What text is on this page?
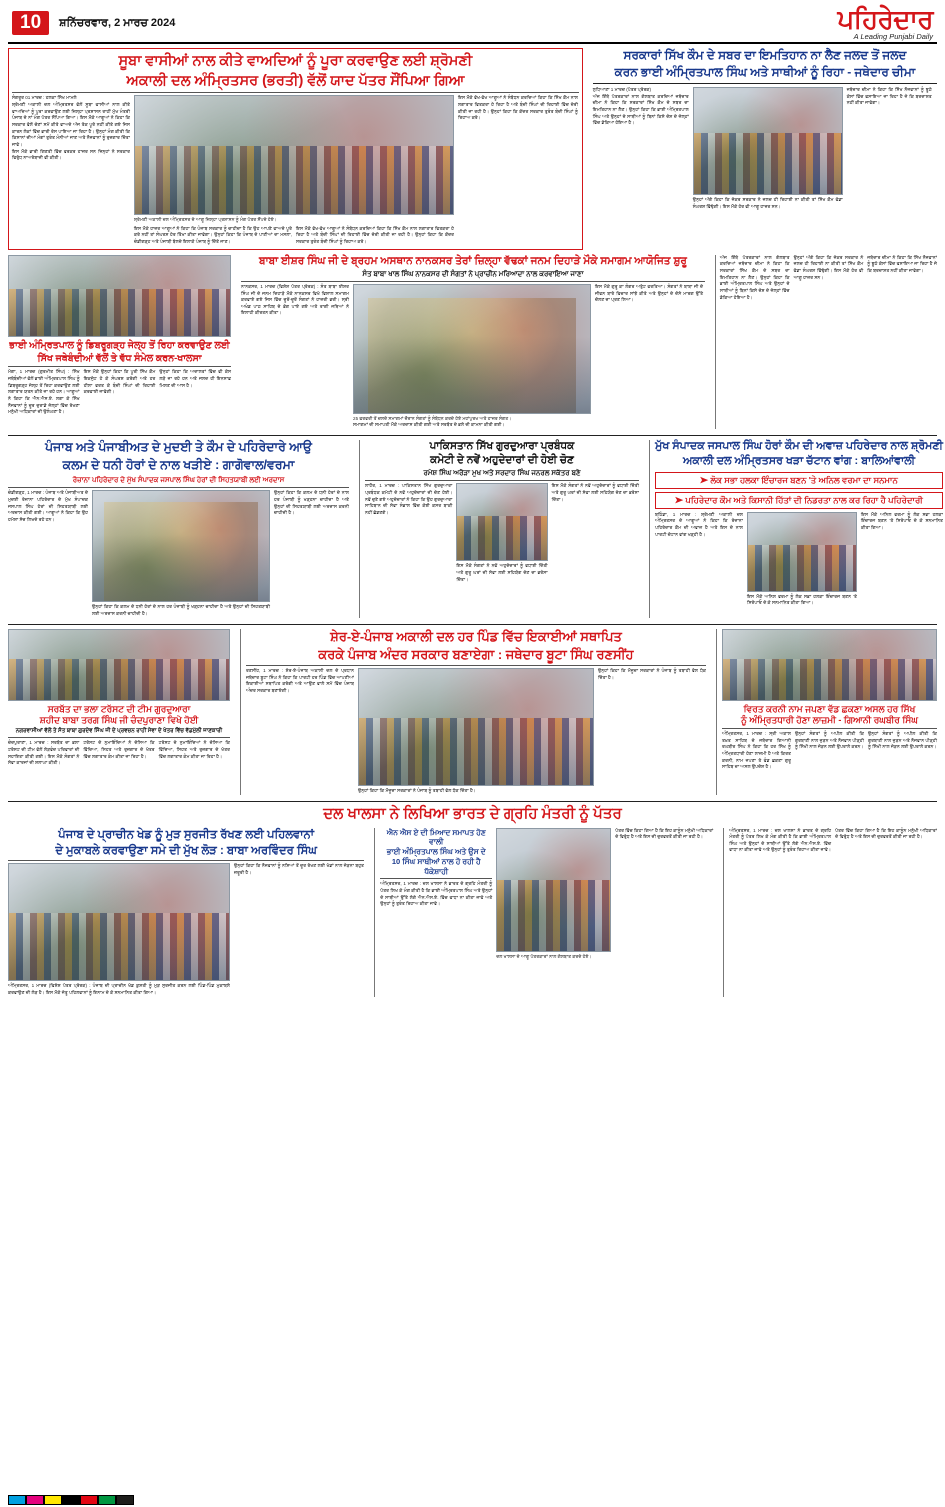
10	ਸ਼ਨਿੱਚਰਵਾਰ, 2 ਮਾਰਚ 2024	ਪਹਿਰੇਦਾਰ
A Leading Punjabi Daily
ਸੂਬਾ ਵਾਸੀਆਂ ਨਾਲ ਕੀਤੇ ਵਾਅਦਿਆਂ ਨੂੰ ਪੂਰਾ ਕਰਵਾਉਣ ਲਈ ਸ਼੍ਰੋਮਣੀ
ਅਕਾਲੀ ਦਲ ਅੰਮ੍ਰਿਤਸਰ (ਭਰਤੀ) ਵੱਲੋਂ ਯਾਦ ਪੱਤਰ ਸੌਂਪਿਆ ਗਿਆ
ਸੰਗਰੂਰ 01 ਮਾਰਚ : ਹਲਕਾ ਸਿੱਖ ਮਾਮਲੇ
ਸ਼੍ਰੋਮਣੀ ਅਕਾਲੀ ਦਲ ਅੰਮ੍ਰਿਤਸਰ ਵੱਲੋਂ ਸੂਬਾ ਵਾਸੀਆਂ ਨਾਲ ਕੀਤੇ ਵਾਅਦਿਆਂ ਨੂੰ ਪੂਰਾ ਕਰਵਾਉਣ ਲਈ ਜ਼ਿਲ੍ਹਾ ਪ੍ਰਸ਼ਾਸਨ ਰਾਹੀਂ ਮੁੱਖ ਮੰਤਰੀ ਪੰਜਾਬ ਦੇ ਨਾਂ ਮੰਗ ਪੱਤਰ ਸੌਂਪਿਆ ਗਿਆ। ਇਸ ਮੌਕੇ ਆਗੂਆਂ ਨੇ ਕਿਹਾ ਕਿ ਸਰਕਾਰ ਵੱਲੋਂ ਚੋਣਾਂ ਸਮੇਂ ਕੀਤੇ ਵਾਅਦੇ ਅੱਜ ਤੱਕ ਪੂਰੇ ਨਹੀਂ ਕੀਤੇ ਗਏ ਜਿਸ ਕਾਰਨ ਲੋਕਾਂ ਵਿੱਚ ਭਾਰੀ ਰੋਸ ਪਾਇਆ ਜਾ ਰਿਹਾ ਹੈ। ਉਨ੍ਹਾਂ ਮੰਗ ਕੀਤੀ ਕਿ ਕਿਸਾਨਾਂ ਦੀਆਂ ਮੰਗਾਂ ਤੁਰੰਤ ਮੰਨੀਆਂ ਜਾਣ ਅਤੇ ਨੌਜਵਾਨਾਂ ਨੂੰ ਰੁਜ਼ਗਾਰ ਦਿੱਤਾ ਜਾਵੇ।
ਇਸ ਮੌਕੇ ਭਾਰੀ ਗਿਣਤੀ ਵਿੱਚ ਵਰਕਰ ਹਾਜ਼ਰ ਸਨ ਜਿਨ੍ਹਾਂ ਨੇ ਸਰਕਾਰ ਵਿਰੁੱਧ ਨਾਅਰੇਬਾਜ਼ੀ ਵੀ ਕੀਤੀ।
ਸ਼੍ਰੋਮਣੀ ਅਕਾਲੀ ਦਲ ਅੰਮ੍ਰਿਤਸਰ ਦੇ ਆਗੂ ਜ਼ਿਲ੍ਹਾ ਪ੍ਰਸ਼ਾਸਨ ਨੂੰ ਮੰਗ ਪੱਤਰ ਸੌਂਪਦੇ ਹੋਏ।
ਇਸ ਮੌਕੇ ਹਾਜ਼ਰ ਆਗੂਆਂ ਨੇ ਕਿਹਾ ਕਿ ਪੰਜਾਬ ਸਰਕਾਰ ਨੂੰ ਚਾਹੀਦਾ ਹੈ ਕਿ ਉਹ ਆਪਣੇ ਵਾਅਦੇ ਪੂਰੇ ਕਰੇ ਨਹੀਂ ਤਾਂ ਸੰਘਰਸ਼ ਹੋਰ ਤਿੱਖਾ ਕੀਤਾ ਜਾਵੇਗਾ। ਉਨ੍ਹਾਂ ਕਿਹਾ ਕਿ ਪੰਜਾਬ ਦੇ ਪਾਣੀਆਂ ਦਾ ਮਸਲਾ, ਚੰਡੀਗੜ੍ਹ ਅਤੇ ਪੰਜਾਬੀ ਬੋਲਦੇ ਇਲਾਕੇ ਪੰਜਾਬ ਨੂੰ ਦਿੱਤੇ ਜਾਣ।
ਇਸ ਮੌਕੇ ਵੱਖ-ਵੱਖ ਆਗੂਆਂ ਨੇ ਸੰਬੋਧਨ ਕਰਦਿਆਂ ਕਿਹਾ ਕਿ ਸਿੱਖ ਕੌਮ ਨਾਲ ਲਗਾਤਾਰ ਵਿਤਕਰਾ ਹੋ ਰਿਹਾ ਹੈ ਅਤੇ ਬੰਦੀ ਸਿੰਘਾਂ ਦੀ ਰਿਹਾਈ ਵਿੱਚ ਦੇਰੀ ਕੀਤੀ ਜਾ ਰਹੀ ਹੈ। ਉਨ੍ਹਾਂ ਕਿਹਾ ਕਿ ਕੇਂਦਰ ਸਰਕਾਰ ਤੁਰੰਤ ਬੰਦੀ ਸਿੰਘਾਂ ਨੂੰ ਰਿਹਾਅ ਕਰੇ।
ਇਸ ਮੌਕੇ ਵੱਖ-ਵੱਖ ਆਗੂਆਂ ਨੇ ਸੰਬੋਧਨ ਕਰਦਿਆਂ ਕਿਹਾ ਕਿ ਸਿੱਖ ਕੌਮ ਨਾਲ ਲਗਾਤਾਰ ਵਿਤਕਰਾ ਹੋ ਰਿਹਾ ਹੈ ਅਤੇ ਬੰਦੀ ਸਿੰਘਾਂ ਦੀ ਰਿਹਾਈ ਵਿੱਚ ਦੇਰੀ ਕੀਤੀ ਜਾ ਰਹੀ ਹੈ। ਉਨ੍ਹਾਂ ਕਿਹਾ ਕਿ ਕੇਂਦਰ ਸਰਕਾਰ ਤੁਰੰਤ ਬੰਦੀ ਸਿੰਘਾਂ ਨੂੰ ਰਿਹਾਅ ਕਰੇ।
ਸਰਕਾਰਾਂ ਸਿੱਖ ਕੌਮ ਦੇ ਸਬਰ ਦਾ ਇਮਤਿਹਾਨ ਨਾ ਲੈਣ ਜਲਦ ਤੋਂ ਜਲਦ
ਕਰਨ ਭਾਈ ਅੰਮ੍ਰਿਤਪਾਲ ਸਿੰਘ ਅਤੇ ਸਾਥੀਆਂ ਨੂੰ ਰਿਹਾ - ਜਥੇਦਾਰ ਚੀਮਾ
ਲੁਧਿਆਣਾ 1 ਮਾਰਚ (ਪੱਤਰ ਪ੍ਰੇਰਕ)
ਅੱਜ ਇੱਥੇ ਪੱਤਰਕਾਰਾਂ ਨਾਲ ਗੱਲਬਾਤ ਕਰਦਿਆਂ ਜਥੇਦਾਰ ਚੀਮਾ ਨੇ ਕਿਹਾ ਕਿ ਸਰਕਾਰਾਂ ਸਿੱਖ ਕੌਮ ਦੇ ਸਬਰ ਦਾ ਇਮਤਿਹਾਨ ਨਾ ਲੈਣ। ਉਨ੍ਹਾਂ ਕਿਹਾ ਕਿ ਭਾਈ ਅੰਮ੍ਰਿਤਪਾਲ ਸਿੰਘ ਅਤੇ ਉਨ੍ਹਾਂ ਦੇ ਸਾਥੀਆਂ ਨੂੰ ਬਿਨਾਂ ਕਿਸੇ ਦੋਸ਼ ਦੇ ਜੇਲ੍ਹਾਂ ਵਿੱਚ ਡੱਕਿਆ ਹੋਇਆ ਹੈ।
ਉਨ੍ਹਾਂ ਅੱਗੇ ਕਿਹਾ ਕਿ ਜੇਕਰ ਸਰਕਾਰ ਨੇ ਜਲਦ ਹੀ ਰਿਹਾਈ ਨਾ ਕੀਤੀ ਤਾਂ ਸਿੱਖ ਕੌਮ ਵੱਡਾ ਸੰਘਰਸ਼ ਵਿੱਢੇਗੀ। ਇਸ ਮੌਕੇ ਹੋਰ ਵੀ ਆਗੂ ਹਾਜ਼ਰ ਸਨ।
ਜਥੇਦਾਰ ਚੀਮਾ ਨੇ ਕਿਹਾ ਕਿ ਸਿੱਖ ਨੌਜਵਾਨਾਂ ਨੂੰ ਝੂਠੇ ਕੇਸਾਂ ਵਿੱਚ ਫਸਾਇਆ ਜਾ ਰਿਹਾ ਹੈ ਜੋ ਕਿ ਬਰਦਾਸ਼ਤ ਨਹੀਂ ਕੀਤਾ ਜਾਵੇਗਾ।
ਭਾਈ ਅੰਮ੍ਰਿਤਪਾਲ ਨੂੰ ਡਿਬਰੂਗੜ੍ਹ ਜੇਲ੍ਹ ਤੋਂ ਰਿਹਾ ਕਰਵਾਉਣ ਲਈ
ਸਿੱਖ ਜਥੇਬੰਦੀਆਂ ਵੱਲੋਂ ਤੇ ਵੱਧ ਸੰਮੇਲ ਕਰਨ-ਖਾਲਸਾ
ਮੋਗਾ, 1 ਮਾਰਚ (ਗੁਰਮੀਤ ਸਿੰਘ) : ਸਿੱਖ ਜਥੇਬੰਦੀਆਂ ਵੱਲੋਂ ਭਾਈ ਅੰਮ੍ਰਿਤਪਾਲ ਸਿੰਘ ਨੂੰ ਡਿਬਰੂਗੜ੍ਹ ਜੇਲ੍ਹ ਤੋਂ ਰਿਹਾ ਕਰਵਾਉਣ ਲਈ ਲਗਾਤਾਰ ਯਤਨ ਕੀਤੇ ਜਾ ਰਹੇ ਹਨ। ਆਗੂਆਂ ਨੇ ਕਿਹਾ ਕਿ ਐਨ.ਐਸ.ਏ. ਲਗਾ ਕੇ ਸਿੱਖ ਨੌਜਵਾਨਾਂ ਨੂੰ ਦੂਰ ਦੁਰਾਡੇ ਜੇਲ੍ਹਾਂ ਵਿੱਚ ਰੱਖਣਾ ਮਨੁੱਖੀ ਅਧਿਕਾਰਾਂ ਦੀ ਉਲੰਘਣਾ ਹੈ।
ਇਸ ਮੌਕੇ ਉਨ੍ਹਾਂ ਕਿਹਾ ਕਿ ਪੂਰੀ ਸਿੱਖ ਕੌਮ ਇਕਜੁੱਟ ਹੋ ਕੇ ਸੰਘਰਸ਼ ਕਰੇਗੀ ਅਤੇ ਹਰ ਹੀਲਾ ਵਰਤ ਕੇ ਬੰਦੀ ਸਿੰਘਾਂ ਦੀ ਰਿਹਾਈ ਕਰਵਾਈ ਜਾਵੇਗੀ।
ਉਨ੍ਹਾਂ ਕਿਹਾ ਕਿ ਅਦਾਲਤਾਂ ਵਿੱਚ ਵੀ ਕੇਸ ਲੜੇ ਜਾ ਰਹੇ ਹਨ ਅਤੇ ਜਲਦ ਹੀ ਇਨਸਾਫ਼ ਮਿਲਣ ਦੀ ਆਸ ਹੈ।
ਬਾਬਾ ਈਸ਼ਰ ਸਿੰਘ ਜੀ ਦੇ ਬ੍ਰਹਮ ਅਸਥਾਨ ਨਾਨਕਸਰ ਤੇਰਾਂ ਜ਼ਿਲ੍ਹਾ ਵੱਢਕਾਂ ਜਨਮ ਦਿਹਾੜੇ ਮੌਕੇ ਸਮਾਗਮ ਆਯੋਜਿਤ ਸ਼ੁਰੂ
ਸੰਤ ਬਾਬਾ ਖਾਲ ਸਿੰਘ ਨਾਨਕਸਰ ਦੀ ਸੰਗਤਾਂ ਨੇ ਪ੍ਰਾਚੀਨ ਮਰਿਆਦਾ ਨਾਲ ਕਰਵਾਇਆ ਜਾਣਾ
ਨਾਨਕਸਰ, 1 ਮਾਰਚ (ਵਿਸ਼ੇਸ਼ ਪੱਤਰ ਪ੍ਰੇਰਕ) : ਸੰਤ ਬਾਬਾ ਈਸ਼ਰ ਸਿੰਘ ਜੀ ਦੇ ਜਨਮ ਦਿਹਾੜੇ ਮੌਕੇ ਨਾਨਕਸਰ ਵਿਖੇ ਵਿਸ਼ਾਲ ਸਮਾਗਮ ਕਰਵਾਏ ਗਏ ਜਿਸ ਵਿੱਚ ਦੂਰੋਂ-ਦੂਰੋਂ ਸੰਗਤਾਂ ਨੇ ਹਾਜ਼ਰੀ ਭਰੀ। ਸ੍ਰੀ ਅਖੰਡ ਪਾਠ ਸਾਹਿਬ ਦੇ ਭੋਗ ਪਾਏ ਗਏ ਅਤੇ ਰਾਗੀ ਜਥਿਆਂ ਨੇ ਇਲਾਹੀ ਕੀਰਤਨ ਕੀਤਾ।
25 ਫਰਵਰੀ ਤੋਂ ਚਲਦੇ ਸਮਾਗਮਾਂ ਦੌਰਾਨ ਸੰਗਤਾਂ ਨੂੰ ਸੰਬੋਧਨ ਕਰਦੇ ਹੋਏ ਮਹਾਂਪੁਰਖ ਅਤੇ ਹਾਜ਼ਰ ਸੰਗਤ।
ਸਮਾਗਮਾਂ ਦੀ ਸਮਾਪਤੀ ਮੌਕੇ ਅਰਦਾਸ ਕੀਤੀ ਗਈ ਅਤੇ ਸਰਬੱਤ ਦੇ ਭਲੇ ਦੀ ਕਾਮਨਾ ਕੀਤੀ ਗਈ।
ਇਸ ਮੌਕੇ ਗੁਰੂ ਕਾ ਲੰਗਰ ਅਤੁੱਟ ਵਰਤਿਆ। ਸੰਗਤਾਂ ਨੇ ਬਾਬਾ ਜੀ ਦੇ ਜੀਵਨ ਬਾਰੇ ਵਿਚਾਰ ਸਾਂਝੇ ਕੀਤੇ ਅਤੇ ਉਨ੍ਹਾਂ ਦੇ ਦੱਸੇ ਮਾਰਗ ਉੱਤੇ ਚੱਲਣ ਦਾ ਪ੍ਰਣ ਲਿਆ।
ਅੱਜ ਇੱਥੇ ਪੱਤਰਕਾਰਾਂ ਨਾਲ ਗੱਲਬਾਤ ਕਰਦਿਆਂ ਜਥੇਦਾਰ ਚੀਮਾ ਨੇ ਕਿਹਾ ਕਿ ਸਰਕਾਰਾਂ ਸਿੱਖ ਕੌਮ ਦੇ ਸਬਰ ਦਾ ਇਮਤਿਹਾਨ ਨਾ ਲੈਣ। ਉਨ੍ਹਾਂ ਕਿਹਾ ਕਿ ਭਾਈ ਅੰਮ੍ਰਿਤਪਾਲ ਸਿੰਘ ਅਤੇ ਉਨ੍ਹਾਂ ਦੇ ਸਾਥੀਆਂ ਨੂੰ ਬਿਨਾਂ ਕਿਸੇ ਦੋਸ਼ ਦੇ ਜੇਲ੍ਹਾਂ ਵਿੱਚ ਡੱਕਿਆ ਹੋਇਆ ਹੈ।
ਉਨ੍ਹਾਂ ਅੱਗੇ ਕਿਹਾ ਕਿ ਜੇਕਰ ਸਰਕਾਰ ਨੇ ਜਲਦ ਹੀ ਰਿਹਾਈ ਨਾ ਕੀਤੀ ਤਾਂ ਸਿੱਖ ਕੌਮ ਵੱਡਾ ਸੰਘਰਸ਼ ਵਿੱਢੇਗੀ। ਇਸ ਮੌਕੇ ਹੋਰ ਵੀ ਆਗੂ ਹਾਜ਼ਰ ਸਨ।
ਜਥੇਦਾਰ ਚੀਮਾ ਨੇ ਕਿਹਾ ਕਿ ਸਿੱਖ ਨੌਜਵਾਨਾਂ ਨੂੰ ਝੂਠੇ ਕੇਸਾਂ ਵਿੱਚ ਫਸਾਇਆ ਜਾ ਰਿਹਾ ਹੈ ਜੋ ਕਿ ਬਰਦਾਸ਼ਤ ਨਹੀਂ ਕੀਤਾ ਜਾਵੇਗਾ।
ਪੰਜਾਬ ਅਤੇ ਪੰਜਾਬੀਅਤ ਦੇ ਮੁਦਈ ਤੇ ਕੌਮ ਦੇ ਪਹਿਰੇਦਾਰੇ ਆਉ
ਕਲਮ ਦੇ ਧਨੀ ਹੋਰਾਂ ਦੇ ਨਾਲ ਖੜੀਏ : ਗਾਗੋਵਾਲ/ਵਰਮਾ
ਰੋਜ਼ਾਨਾ ਪਹਿਰੇਦਾਰ ਦੇ ਮੁੱਖ ਸੰਪਾਦਕ ਜਸਪਾਲ ਸਿੰਘ ਹੇਰਾਂ ਦੀ ਸਿਹਤਯਾਬੀ ਲਈ ਅਰਦਾਸ
ਚੰਡੀਗੜ੍ਹ, 1 ਮਾਰਚ : ਪੰਜਾਬ ਅਤੇ ਪੰਜਾਬੀਅਤ ਦੇ ਮੁਦਈ ਰੋਜ਼ਾਨਾ ਪਹਿਰੇਦਾਰ ਦੇ ਮੁੱਖ ਸੰਪਾਦਕ ਜਸਪਾਲ ਸਿੰਘ ਹੇਰਾਂ ਦੀ ਸਿਹਤਯਾਬੀ ਲਈ ਅਰਦਾਸ ਕੀਤੀ ਗਈ। ਆਗੂਆਂ ਨੇ ਕਿਹਾ ਕਿ ਉਹ ਹਮੇਸ਼ਾ ਸੱਚ ਲਿਖਦੇ ਰਹੇ ਹਨ।
ਉਨ੍ਹਾਂ ਕਿਹਾ ਕਿ ਕਲਮ ਦੇ ਧਨੀ ਹੋਰਾਂ ਦੇ ਨਾਲ ਹਰ ਪੰਜਾਬੀ ਨੂੰ ਖੜ੍ਹਨਾ ਚਾਹੀਦਾ ਹੈ ਅਤੇ ਉਨ੍ਹਾਂ ਦੀ ਸਿਹਤਯਾਬੀ ਲਈ ਅਰਦਾਸ ਕਰਨੀ ਚਾਹੀਦੀ ਹੈ।
ਉਨ੍ਹਾਂ ਕਿਹਾ ਕਿ ਕਲਮ ਦੇ ਧਨੀ ਹੋਰਾਂ ਦੇ ਨਾਲ ਹਰ ਪੰਜਾਬੀ ਨੂੰ ਖੜ੍ਹਨਾ ਚਾਹੀਦਾ ਹੈ ਅਤੇ ਉਨ੍ਹਾਂ ਦੀ ਸਿਹਤਯਾਬੀ ਲਈ ਅਰਦਾਸ ਕਰਨੀ ਚਾਹੀਦੀ ਹੈ।
ਪਾਕਿਸਤਾਨ ਸਿੱਖ ਗੁਰਦੁਆਰਾ ਪ੍ਰਬੰਧਕ
ਕਮੇਟੀ ਦੇ ਨਵੇਂ ਅਹੁਦੇਦਾਰਾਂ ਦੀ ਹੋਈ ਚੋਣ
ਰਮੇਸ਼ ਸਿੰਘ ਅਰੋੜਾ ਮੁਖ ਅਤੇ ਸਰਦਾਰ ਸਿੰਘ ਜਨਰਲ ਸਕੱਤਰ ਬਣੇ
ਲਾਹੌਰ, 1 ਮਾਰਚ : ਪਾਕਿਸਤਾਨ ਸਿੱਖ ਗੁਰਦੁਆਰਾ ਪ੍ਰਬੰਧਕ ਕਮੇਟੀ ਦੇ ਨਵੇਂ ਅਹੁਦੇਦਾਰਾਂ ਦੀ ਚੋਣ ਹੋਈ। ਨਵੇਂ ਚੁਣੇ ਗਏ ਅਹੁਦੇਦਾਰਾਂ ਨੇ ਕਿਹਾ ਕਿ ਉਹ ਗੁਰਦੁਆਰਾ ਸਾਹਿਬਾਨ ਦੀ ਸੇਵਾ ਸੰਭਾਲ ਵਿੱਚ ਕੋਈ ਕਸਰ ਬਾਕੀ ਨਹੀਂ ਛੱਡਣਗੇ।
ਇਸ ਮੌਕੇ ਸੰਗਤਾਂ ਨੇ ਨਵੇਂ ਅਹੁਦੇਦਾਰਾਂ ਨੂੰ ਵਧਾਈ ਦਿੱਤੀ ਅਤੇ ਗੁਰੂ ਘਰਾਂ ਦੀ ਸੇਵਾ ਲਈ ਸਹਿਯੋਗ ਦੇਣ ਦਾ ਭਰੋਸਾ ਦਿੱਤਾ।
ਇਸ ਮੌਕੇ ਸੰਗਤਾਂ ਨੇ ਨਵੇਂ ਅਹੁਦੇਦਾਰਾਂ ਨੂੰ ਵਧਾਈ ਦਿੱਤੀ ਅਤੇ ਗੁਰੂ ਘਰਾਂ ਦੀ ਸੇਵਾ ਲਈ ਸਹਿਯੋਗ ਦੇਣ ਦਾ ਭਰੋਸਾ ਦਿੱਤਾ।
ਮੁੱਖ ਸੰਪਾਦਕ ਜਸਪਾਲ ਸਿੰਘ ਹੋਰਾਂ ਕੌਮ ਦੀ ਅਵਾਜ਼ ਪਹਿਰੇਦਾਰ ਨਾਲ ਸ਼੍ਰੋਮਣੀ
ਅਕਾਲੀ ਦਲ ਅੰਮ੍ਰਿਤਸਰ ਖੜਾ ਚੱਟਾਨ ਵਾਂਗ : ਬਾਲਿਆਂਵਾਲੀ
➤ ਲੋਕ ਸਭਾ ਹਲਕਾ ਇੰਚਾਰਜ ਬਣਨ 'ਤੇ ਅਨਿਲ ਵਰਮਾ ਦਾ ਸਨਮਾਨ
➤ ਪਹਿਰੇਦਾਰ ਕੌਮ ਅਤੇ ਕਿਸਾਨੀ ਹਿੱਤਾਂ ਦੀ ਨਿਡਰਤਾ ਨਾਲ ਕਰ ਰਿਹਾ ਹੈ ਪਹਿਰੇਦਾਰੀ
ਬਠਿੰਡਾ, 1 ਮਾਰਚ : ਸ਼੍ਰੋਮਣੀ ਅਕਾਲੀ ਦਲ ਅੰਮ੍ਰਿਤਸਰ ਦੇ ਆਗੂਆਂ ਨੇ ਕਿਹਾ ਕਿ ਰੋਜ਼ਾਨਾ ਪਹਿਰੇਦਾਰ ਕੌਮ ਦੀ ਅਵਾਜ਼ ਹੈ ਅਤੇ ਇਸ ਦੇ ਨਾਲ ਪਾਰਟੀ ਚੱਟਾਨ ਵਾਂਗ ਖੜ੍ਹੀ ਹੈ।
ਇਸ ਮੌਕੇ ਅਨਿਲ ਵਰਮਾ ਨੂੰ ਲੋਕ ਸਭਾ ਹਲਕਾ ਇੰਚਾਰਜ ਬਣਨ 'ਤੇ ਸਿਰੋਪਾਓ ਦੇ ਕੇ ਸਨਮਾਨਿਤ ਕੀਤਾ ਗਿਆ।
ਇਸ ਮੌਕੇ ਅਨਿਲ ਵਰਮਾ ਨੂੰ ਲੋਕ ਸਭਾ ਹਲਕਾ ਇੰਚਾਰਜ ਬਣਨ 'ਤੇ ਸਿਰੋਪਾਓ ਦੇ ਕੇ ਸਨਮਾਨਿਤ ਕੀਤਾ ਗਿਆ।
ਸਰਬੱਤ ਦਾ ਭਲਾ ਟਰੱਸਟ ਦੀ ਟੀਮ ਗੁਰਦੁਆਰਾ
ਸ਼ਹੀਦ ਬਾਬਾ ਤਰਗ ਸਿੰਘ ਜੀ ਚੰਦਪੁਰਾਣਾ ਵਿਖੇ ਹੋਈ
ਨਗਰਵਾਸੀਆਂ ਵੱਲੋਂ ਤੇ ਸੰਤ ਬਾਬਾ ਗੁਰਦੇਵ ਸਿੰਘ ਜੀ ਦੇ ਪ੍ਰਵਚਨ ਰਾਹੀਂ ਸੇਵਾ ਦੇ ਖੇਤਰ ਵਿੱਚ ਵੱਡਮੁੱਲੀ ਜਾਣਕਾਰੀ
ਚੰਦਪੁਰਾਣਾ, 1 ਮਾਰਚ : ਸਰਬੱਤ ਦਾ ਭਲਾ ਟਰੱਸਟ ਦੀ ਟੀਮ ਵੱਲੋਂ ਲੋੜਵੰਦ ਪਰਿਵਾਰਾਂ ਦੀ ਸਹਾਇਤਾ ਕੀਤੀ ਗਈ। ਇਸ ਮੌਕੇ ਸੰਗਤਾਂ ਨੇ ਸੇਵਾ ਕਾਰਜਾਂ ਦੀ ਸ਼ਲਾਘਾ ਕੀਤੀ।
ਟਰੱਸਟ ਦੇ ਨੁਮਾਇੰਦਿਆਂ ਨੇ ਦੱਸਿਆ ਕਿ ਵਿੱਦਿਆ, ਸਿਹਤ ਅਤੇ ਰੁਜ਼ਗਾਰ ਦੇ ਖੇਤਰ ਵਿੱਚ ਲਗਾਤਾਰ ਕੰਮ ਕੀਤਾ ਜਾ ਰਿਹਾ ਹੈ।
ਟਰੱਸਟ ਦੇ ਨੁਮਾਇੰਦਿਆਂ ਨੇ ਦੱਸਿਆ ਕਿ ਵਿੱਦਿਆ, ਸਿਹਤ ਅਤੇ ਰੁਜ਼ਗਾਰ ਦੇ ਖੇਤਰ ਵਿੱਚ ਲਗਾਤਾਰ ਕੰਮ ਕੀਤਾ ਜਾ ਰਿਹਾ ਹੈ।
ਸ਼ੇਰ-ਏ-ਪੰਜਾਬ ਅਕਾਲੀ ਦਲ ਹਰ ਪਿੰਡ ਵਿੱਚ ਇਕਾਈਆਂ ਸਥਾਪਿਤ
ਕਰਕੇ ਪੰਜਾਬ ਅੰਦਰ ਸਰਕਾਰ ਬਣਾਏਗਾ : ਜਥੇਦਾਰ ਬੂਟਾ ਸਿੰਘ ਰਣਸੀਂਹ
ਰਣਸੀਂਹ, 1 ਮਾਰਚ : ਸ਼ੇਰ-ਏ-ਪੰਜਾਬ ਅਕਾਲੀ ਦਲ ਦੇ ਪ੍ਰਧਾਨ ਜਥੇਦਾਰ ਬੂਟਾ ਸਿੰਘ ਨੇ ਕਿਹਾ ਕਿ ਪਾਰਟੀ ਹਰ ਪਿੰਡ ਵਿੱਚ ਆਪਣੀਆਂ ਇਕਾਈਆਂ ਸਥਾਪਿਤ ਕਰੇਗੀ ਅਤੇ ਆਉਣ ਵਾਲੇ ਸਮੇਂ ਵਿੱਚ ਪੰਜਾਬ ਅੰਦਰ ਸਰਕਾਰ ਬਣਾਏਗੀ।
ਉਨ੍ਹਾਂ ਕਿਹਾ ਕਿ ਮੌਜੂਦਾ ਸਰਕਾਰਾਂ ਨੇ ਪੰਜਾਬ ਨੂੰ ਤਬਾਹੀ ਵੱਲ ਧੱਕ ਦਿੱਤਾ ਹੈ।
ਉਨ੍ਹਾਂ ਕਿਹਾ ਕਿ ਮੌਜੂਦਾ ਸਰਕਾਰਾਂ ਨੇ ਪੰਜਾਬ ਨੂੰ ਤਬਾਹੀ ਵੱਲ ਧੱਕ ਦਿੱਤਾ ਹੈ।
ਵਿਰਤ ਕਰਨੀ ਨਾਮ ਜਪਣਾ ਵੱਡ ਛਕਣਾ ਅਸਲ ਹਰ ਸਿੱਖ
ਨੂੰ ਅੰਮ੍ਰਿਤਧਾਰੀ ਹੋਣਾ ਲਾਜ਼ਮੀ - ਗਿਆਨੀ ਰਘਬੀਰ ਸਿੰਘ
ਅੰਮ੍ਰਿਤਸਰ, 1 ਮਾਰਚ : ਸ੍ਰੀ ਅਕਾਲ ਤਖ਼ਤ ਸਾਹਿਬ ਦੇ ਜਥੇਦਾਰ ਗਿਆਨੀ ਰਘਬੀਰ ਸਿੰਘ ਨੇ ਕਿਹਾ ਕਿ ਹਰ ਸਿੱਖ ਨੂੰ ਅੰਮ੍ਰਿਤਧਾਰੀ ਹੋਣਾ ਲਾਜ਼ਮੀ ਹੈ ਅਤੇ ਕਿਰਤ ਕਰਨੀ, ਨਾਮ ਜਪਣਾ ਤੇ ਵੰਡ ਛਕਣਾ ਗੁਰੂ ਸਾਹਿਬ ਦਾ ਅਸਲ ਉਪਦੇਸ਼ ਹੈ।
ਉਨ੍ਹਾਂ ਸੰਗਤਾਂ ਨੂੰ ਅਪੀਲ ਕੀਤੀ ਕਿ ਗੁਰਬਾਣੀ ਨਾਲ ਜੁੜਨ ਅਤੇ ਨੌਜਵਾਨ ਪੀੜ੍ਹੀ ਨੂੰ ਸਿੱਖੀ ਨਾਲ ਜੋੜਨ ਲਈ ਉਪਰਾਲੇ ਕਰਨ।
ਉਨ੍ਹਾਂ ਸੰਗਤਾਂ ਨੂੰ ਅਪੀਲ ਕੀਤੀ ਕਿ ਗੁਰਬਾਣੀ ਨਾਲ ਜੁੜਨ ਅਤੇ ਨੌਜਵਾਨ ਪੀੜ੍ਹੀ ਨੂੰ ਸਿੱਖੀ ਨਾਲ ਜੋੜਨ ਲਈ ਉਪਰਾਲੇ ਕਰਨ।
ਦਲ ਖਾਲਸਾ ਨੇ ਲਿਖਿਆ ਭਾਰਤ ਦੇ ਗ੍ਰਹਿ ਮੰਤਰੀ ਨੂੰ ਪੱਤਰ
ਪੰਜਾਬ ਦੇ ਪ੍ਰਾਚੀਨ ਖੇਡ ਨੂੰ ਮੁੜ ਸੁਰਜੀਤ ਰੱਖਣ ਲਈ ਪਹਿਲਵਾਨਾਂ
ਦੇ ਮੁਕਾਬਲੇ ਕਰਵਾਉਣਾ ਸਮੇ ਦੀ ਮੁੱਖ ਲੋੜ : ਬਾਬਾ ਅਰਵਿੰਦਰ ਸਿੰਘ
ਅੰਮ੍ਰਿਤਸਰ, 1 ਮਾਰਚ (ਵਿਸ਼ੇਸ਼ ਪੱਤਰ ਪ੍ਰੇਰਕ) : ਪੰਜਾਬ ਦੀ ਪ੍ਰਾਚੀਨ ਖੇਡ ਕੁਸ਼ਤੀ ਨੂੰ ਮੁੜ ਸੁਰਜੀਤ ਕਰਨ ਲਈ ਪਿੰਡ-ਪਿੰਡ ਮੁਕਾਬਲੇ ਕਰਵਾਉਣ ਦੀ ਲੋੜ ਹੈ। ਇਸ ਮੌਕੇ ਜੇਤੂ ਪਹਿਲਵਾਨਾਂ ਨੂੰ ਇਨਾਮ ਦੇ ਕੇ ਸਨਮਾਨਿਤ ਕੀਤਾ ਗਿਆ।
ਉਨ੍ਹਾਂ ਕਿਹਾ ਕਿ ਨੌਜਵਾਨਾਂ ਨੂੰ ਨਸ਼ਿਆਂ ਤੋਂ ਦੂਰ ਰੱਖਣ ਲਈ ਖੇਡਾਂ ਨਾਲ ਜੋੜਨਾ ਬਹੁਤ ਜ਼ਰੂਰੀ ਹੈ।
ਐਨ ਐਸ ਏ ਦੀ ਮਿਆਦ ਸਮਾਪਤ ਹੋਣ ਵਾਲੀ
ਭਾਈ ਅੰਮ੍ਰਿਤਪਾਲ ਸਿੰਘ ਅਤੇ ਉਸ ਦੇ
10 ਸਿੰਘ ਸਾਥੀਆਂ ਨਾਲ ਹੋ ਰਹੀ ਹੈ
ਧੱਕੇਸ਼ਾਹੀ
ਅੰਮ੍ਰਿਤਸਰ, 1 ਮਾਰਚ : ਦਲ ਖਾਲਸਾ ਨੇ ਭਾਰਤ ਦੇ ਗ੍ਰਹਿ ਮੰਤਰੀ ਨੂੰ ਪੱਤਰ ਲਿਖ ਕੇ ਮੰਗ ਕੀਤੀ ਹੈ ਕਿ ਭਾਈ ਅੰਮ੍ਰਿਤਪਾਲ ਸਿੰਘ ਅਤੇ ਉਨ੍ਹਾਂ ਦੇ ਸਾਥੀਆਂ ਉੱਤੇ ਲੱਗੇ ਐਨ.ਐਸ.ਏ. ਵਿੱਚ ਵਾਧਾ ਨਾ ਕੀਤਾ ਜਾਵੇ ਅਤੇ ਉਨ੍ਹਾਂ ਨੂੰ ਤੁਰੰਤ ਰਿਹਾਅ ਕੀਤਾ ਜਾਵੇ।
ਦਲ ਖਾਲਸਾ ਦੇ ਆਗੂ ਪੱਤਰਕਾਰਾਂ ਨਾਲ ਗੱਲਬਾਤ ਕਰਦੇ ਹੋਏ।
ਪੱਤਰ ਵਿੱਚ ਕਿਹਾ ਗਿਆ ਹੈ ਕਿ ਇਹ ਕਾਨੂੰਨ ਮਨੁੱਖੀ ਅਧਿਕਾਰਾਂ ਦੇ ਵਿਰੁੱਧ ਹੈ ਅਤੇ ਇਸ ਦੀ ਦੁਰਵਰਤੋਂ ਕੀਤੀ ਜਾ ਰਹੀ ਹੈ।
ਅੰਮ੍ਰਿਤਸਰ, 1 ਮਾਰਚ : ਦਲ ਖਾਲਸਾ ਨੇ ਭਾਰਤ ਦੇ ਗ੍ਰਹਿ ਮੰਤਰੀ ਨੂੰ ਪੱਤਰ ਲਿਖ ਕੇ ਮੰਗ ਕੀਤੀ ਹੈ ਕਿ ਭਾਈ ਅੰਮ੍ਰਿਤਪਾਲ ਸਿੰਘ ਅਤੇ ਉਨ੍ਹਾਂ ਦੇ ਸਾਥੀਆਂ ਉੱਤੇ ਲੱਗੇ ਐਨ.ਐਸ.ਏ. ਵਿੱਚ ਵਾਧਾ ਨਾ ਕੀਤਾ ਜਾਵੇ ਅਤੇ ਉਨ੍ਹਾਂ ਨੂੰ ਤੁਰੰਤ ਰਿਹਾਅ ਕੀਤਾ ਜਾਵੇ।
ਪੱਤਰ ਵਿੱਚ ਕਿਹਾ ਗਿਆ ਹੈ ਕਿ ਇਹ ਕਾਨੂੰਨ ਮਨੁੱਖੀ ਅਧਿਕਾਰਾਂ ਦੇ ਵਿਰੁੱਧ ਹੈ ਅਤੇ ਇਸ ਦੀ ਦੁਰਵਰਤੋਂ ਕੀਤੀ ਜਾ ਰਹੀ ਹੈ।
